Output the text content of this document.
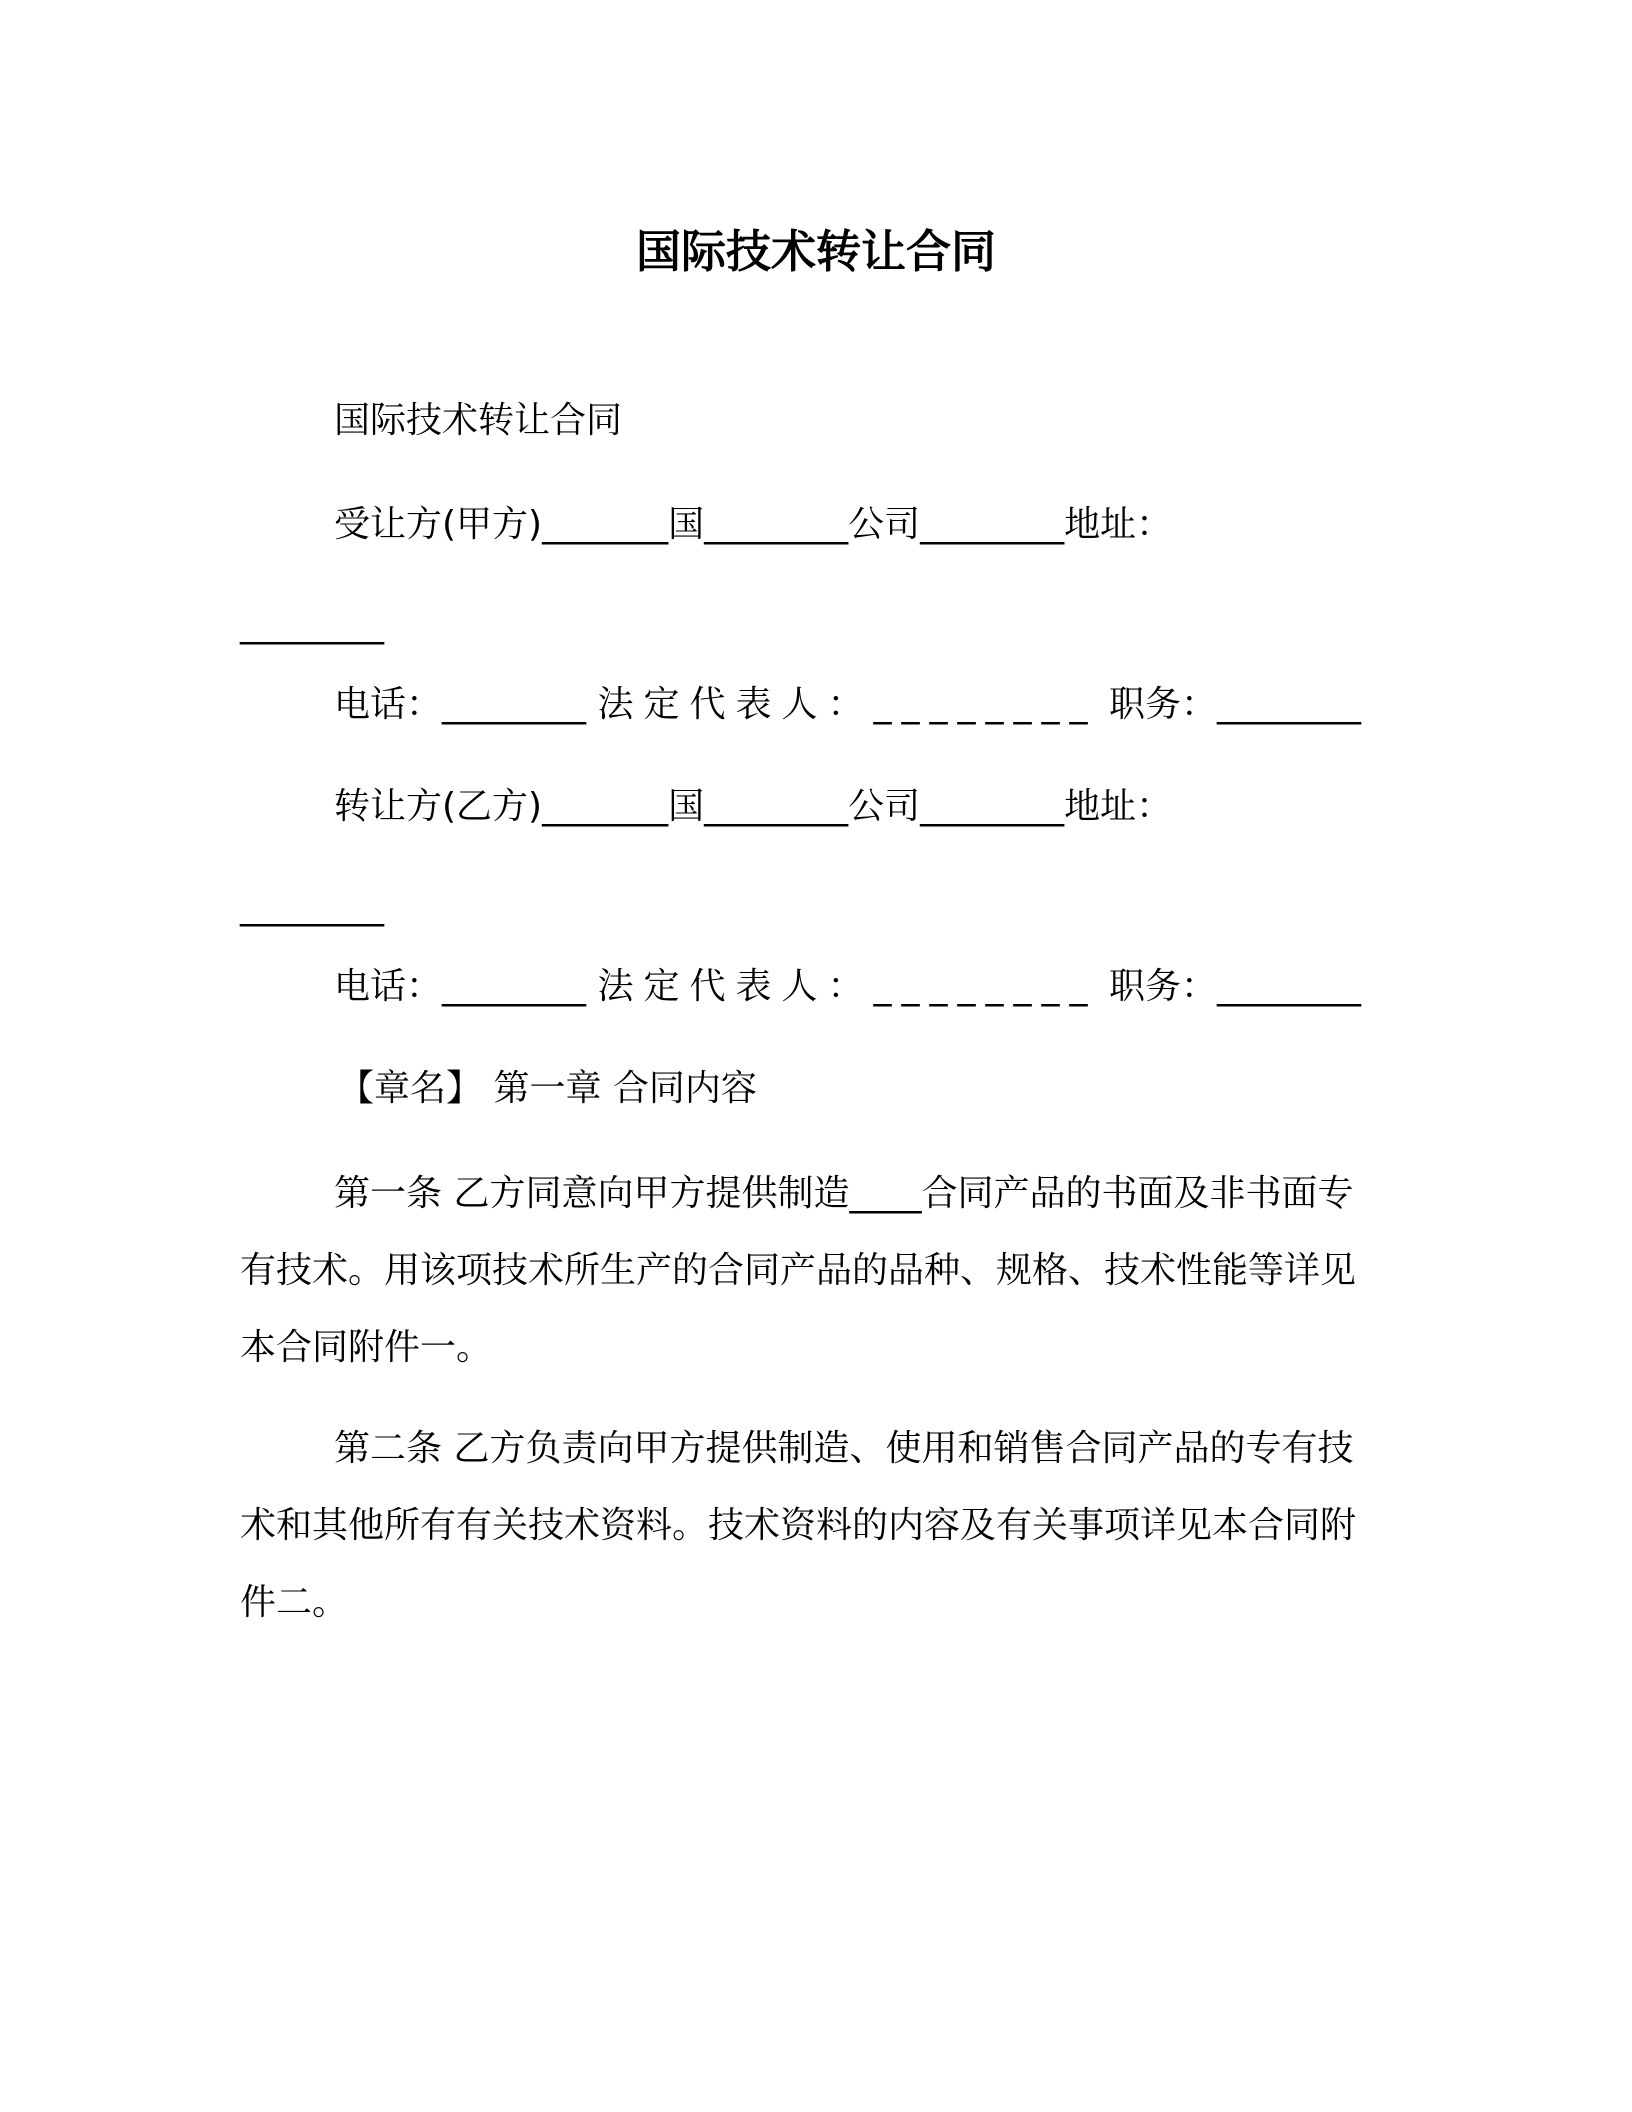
国际技术转让合同
国际技术转让合同
受让方(甲方)_______国________公司________地址：
________
电话：________ 法定代表人：________ 职务：________
转让方(乙方)_______国________公司________地址：
________
电话：________ 法定代表人：________ 职务：________
【章名】 第一章 合同内容
第一条 乙方同意向甲方提供制造____合同产品的书面及非书面专有技术。用该项技术所生产的合同产品的品种、规格、技术性能等详见本合同附件一。
第二条 乙方负责向甲方提供制造、使用和销售合同产品的专有技术和其他所有有关技术资料。技术资料的内容及有关事项详见本合同附件二。
